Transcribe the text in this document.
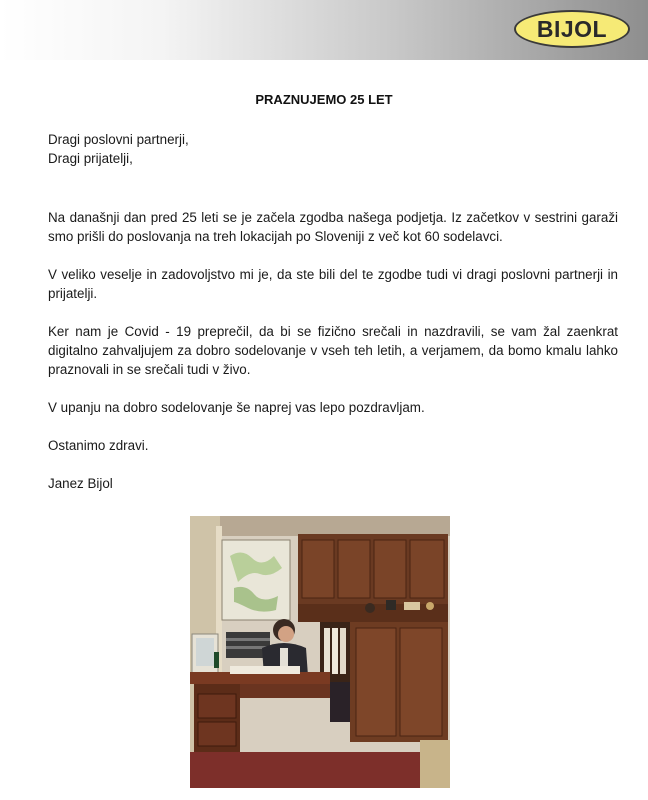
BIJOL
PRAZNUJEMO 25 LET

Dragi poslovni partnerji,

Dragi prijatelji,

Na današnji dan pred 25 leti se je začela zgodba našega podjetja. Iz začetkov v sestrini garaži smo prišli do poslovanja na treh lokacijah po Sloveniji z več kot 60 sodelavci.

V veliko veselje in zadovoljstvo mi je, da ste bili del te zgodbe tudi vi dragi poslovni partnerji in prijatelji.

Ker nam je Covid - 19 preprečil, da bi se fizično srečali in nazdravili, se vam žal zaenkrat digitalno zahvaljujem za dobro sodelovanje v vseh teh letih, a verjamem, da bomo kmalu lahko praznovali in se srečali tudi v živo.

V upanju na dobro sodelovanje še naprej vas lepo pozdravljam.

Ostanimo zdravi.

Janez Bijol
